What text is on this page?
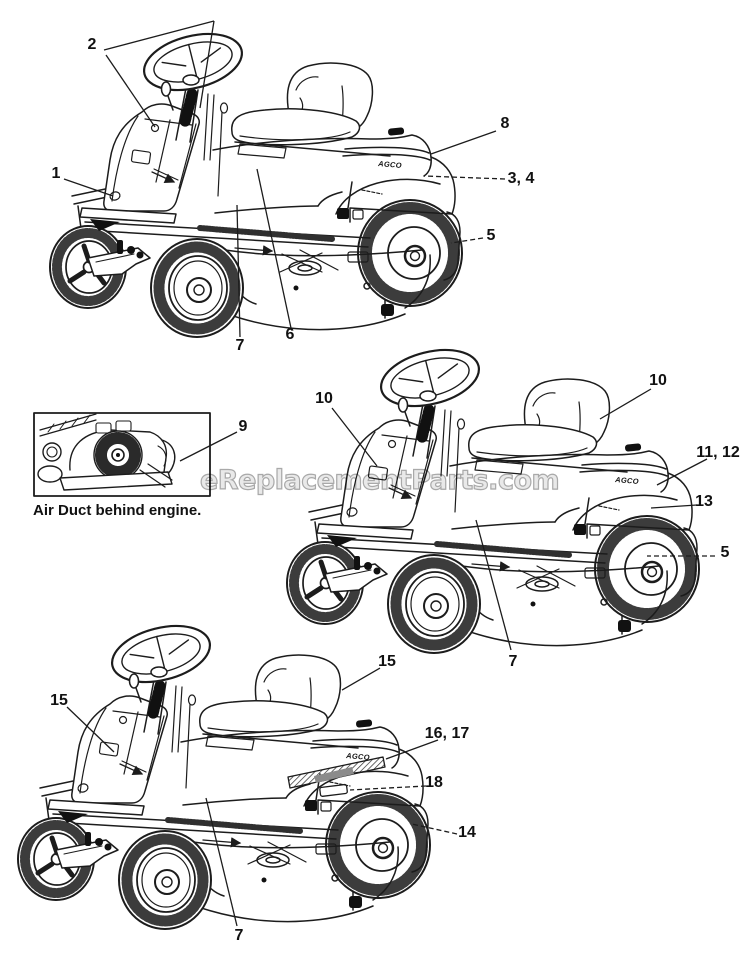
eReplacementParts.com
2
1
8
3, 4
5
6
7
9
10
10
11, 12
13
5
7
15
15
16, 17
18
14
7
Air Duct behind engine.
